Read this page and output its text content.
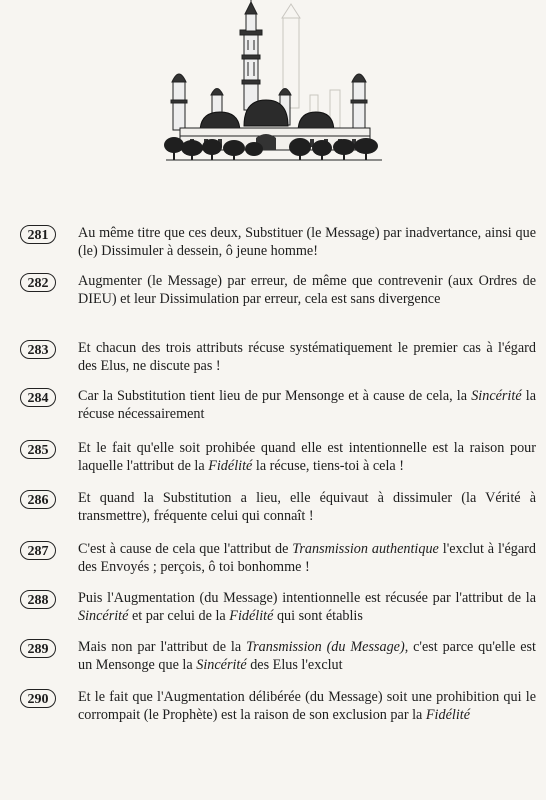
281	Au même titre que ces deux, Substituer (le Message) par inadvertance, ainsi que (le) Dissimuler à dessein, ô jeune homme!
282	Augmenter (le Message) par erreur, de même que contrevenir (aux Ordres de DIEU) et leur Dissimulation par erreur, cela est sans divergence
283	Et chacun des trois attributs récuse systématiquement le premier cas à l'égard des Elus, ne discute pas !
284	Car la Substitution tient lieu de pur Mensonge et à cause de cela, la Sincérité la récuse nécessairement
285	Et le fait qu'elle soit prohibée quand elle est intentionnelle est la raison pour laquelle l'attribut de la Fidélité la récuse, tiens-toi à cela !
286	Et quand la Substitution a lieu, elle équivaut à dissimuler (la Vérité à transmettre), fréquente celui qui connaît !
287	C'est à cause de cela que l'attribut de Transmission authentique l'exclut à l'égard des Envoyés ; perçois, ô toi bonhomme !
288	Puis l'Augmentation (du Message) intentionnelle est récusée par l'attribut de la Sincérité et par celui de la Fidélité qui sont établis
289	Mais non par l'attribut de la Transmission (du Message), c'est parce qu'elle est un Mensonge que la Sincérité des Elus l'exclut
290	Et le fait que l'Augmentation délibérée (du Message) soit une prohibition qui le corrompait (le Prophète) est la raison de son exclusion par la Fidélité
